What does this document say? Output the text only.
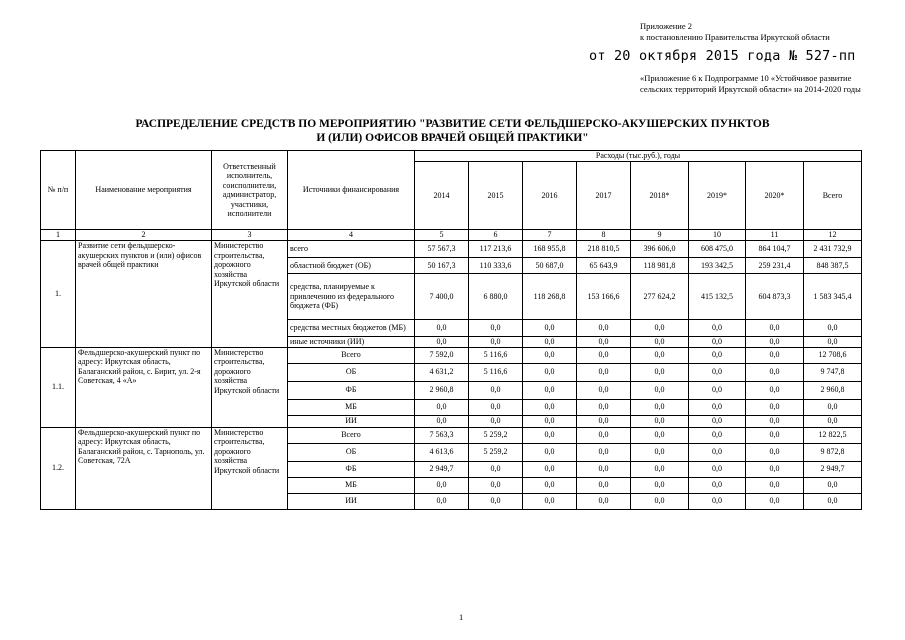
Приложение 2
к постановлению Правительства Иркутской области
от 20 октября 2015 года № 527-пп
«Приложение 6 к Подпрограмме 10 «Устойчивое развитие сельских территорий Иркутской области» на 2014-2020 годы
РАСПРЕДЕЛЕНИЕ СРЕДСТВ ПО МЕРОПРИЯТИЮ "РАЗВИТИЕ СЕТИ ФЕЛЬДШЕРСКО-АКУШЕРСКИХ ПУНКТОВ
И (ИЛИ) ОФИСОВ ВРАЧЕЙ ОБЩЕЙ ПРАКТИКИ"
№ п/п	Наименование мероприятия	Ответственный исполнитель, соисполнители, администратор, участники, исполнители	Источники финансирования	Расходы (тыс.руб.), годы							
				2014	2015	2016	2017	2018*	2019*	2020*	Всего
1	2	3	4	5	6	7	8	9	10	11	12
1.	Развитие сети фельдшерско-акушерских пунктов и (или) офисов врачей общей практики	Министерство строительства, дорожного хозяйства Иркутской области	всего	57 567,3	117 213,6	168 955,8	218 810,5	396 606,0	608 475,0	864 104,7	2 431 732,9
			областной бюджет (ОБ)	50 167,3	110 333,6	50 687,0	65 643,9	118 981,8	193 342,5	259 231,4	848 387,5
			средства, планируемые к привлечению из федерального бюджета (ФБ)	7 400,0	6 880,0	118 268,8	153 166,6	277 624,2	415 132,5	604 873,3	1 583 345,4
			средства местных бюджетов (МБ)	0,0	0,0	0,0	0,0	0,0	0,0	0,0	0,0
			иные источники (ИИ)	0,0	0,0	0,0	0,0	0,0	0,0	0,0	0,0
1.1.	Фельдшерско-акушерский пункт по адресу: Иркутская область, Балаганский район, с. Бирит, ул. 2-я Советская, 4 «А»	Министерство строительства, дорожного хозяйства Иркутской области	Всего	7 592,0	5 116,6	0,0	0,0	0,0	0,0	0,0	12 708,6
			ОБ	4 631,2	5 116,6	0,0	0,0	0,0	0,0	0,0	9 747,8
			ФБ	2 960,8	0,0	0,0	0,0	0,0	0,0	0,0	2 960,8
			МБ	0,0	0,0	0,0	0,0	0,0	0,0	0,0	0,0
			ИИ	0,0	0,0	0,0	0,0	0,0	0,0	0,0	0,0
1.2.	Фельдшерско-акушерский пункт по адресу: Иркутская область, Балаганский район, с. Тарнополь, ул. Советская, 72А	Министерство строительства, дорожного хозяйства Иркутской области	Всего	7 563,3	5 259,2	0,0	0,0	0,0	0,0	0,0	12 822,5
			ОБ	4 613,6	5 259,2	0,0	0,0	0,0	0,0	0,0	9 872,8
			ФБ	2 949,7	0,0	0,0	0,0	0,0	0,0	0,0	2 949,7
			МБ	0,0	0,0	0,0	0,0	0,0	0,0	0,0	0,0
			ИИ	0,0	0,0	0,0	0,0	0,0	0,0	0,0	0,0
1
